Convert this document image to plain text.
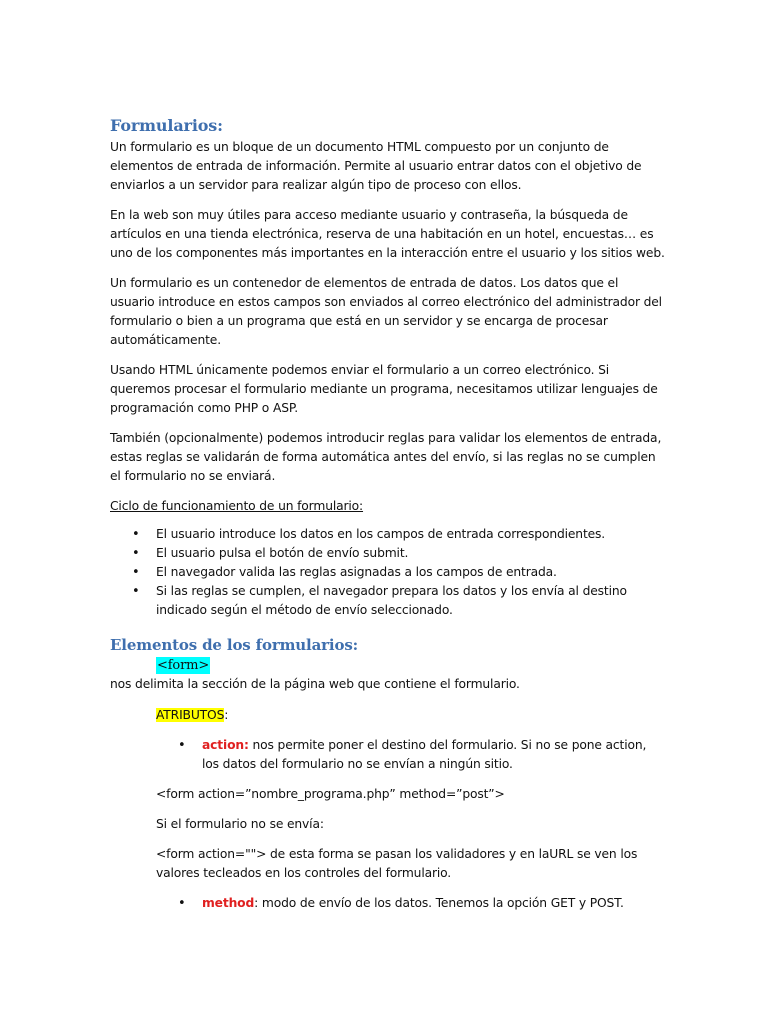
Formularios:

Un formulario es un bloque de un documento HTML compuesto por un conjunto de elementos de entrada de información. Permite al usuario entrar datos con el objetivo de enviarlos a un servidor para realizar algún tipo de proceso con ellos.

En la web son muy útiles para acceso mediante usuario y contraseña, la búsqueda de artículos en una tienda electrónica, reserva de una habitación en un hotel, encuestas… es uno de los componentes más importantes en la interacción entre el usuario y los sitios web.

Un formulario es un contenedor de elementos de entrada de datos. Los datos que el usuario introduce en estos campos son enviados al correo electrónico del administrador del formulario o bien a un programa que está en un servidor y se encarga de procesar automáticamente.

Usando HTML únicamente podemos enviar el formulario a un correo electrónico. Si queremos procesar el formulario mediante un programa, necesitamos utilizar lenguajes de programación como PHP o ASP.

También (opcionalmente) podemos introducir reglas para validar los elementos de entrada, estas reglas se validarán de forma automática antes del envío, si las reglas no se cumplen el formulario no se enviará.

Ciclo de funcionamiento de un formulario:

• El usuario introduce los datos en los campos de entrada correspondientes.
• El usuario pulsa el botón de envío submit.
• El navegador valida las reglas asignadas a los campos de entrada.
• Si las reglas se cumplen, el navegador prepara los datos y los envía al destino indicado según el método de envío seleccionado.
Elementos de los formularios:
<form>

nos delimita la sección de la página web que contiene el formulario.

ATRIBUTOS:

• action: nos permite poner el destino del formulario. Si no se pone action, los datos del formulario no se envían a ningún sitio.

<form action=”nombre_programa.php” method=”post”>

Si el formulario no se envía:

<form action=""> de esta forma se pasan los validadores y en laURL se ven los valores tecleados en los controles del formulario.

• method: modo de envío de los datos. Tenemos la opción GET y POST.
